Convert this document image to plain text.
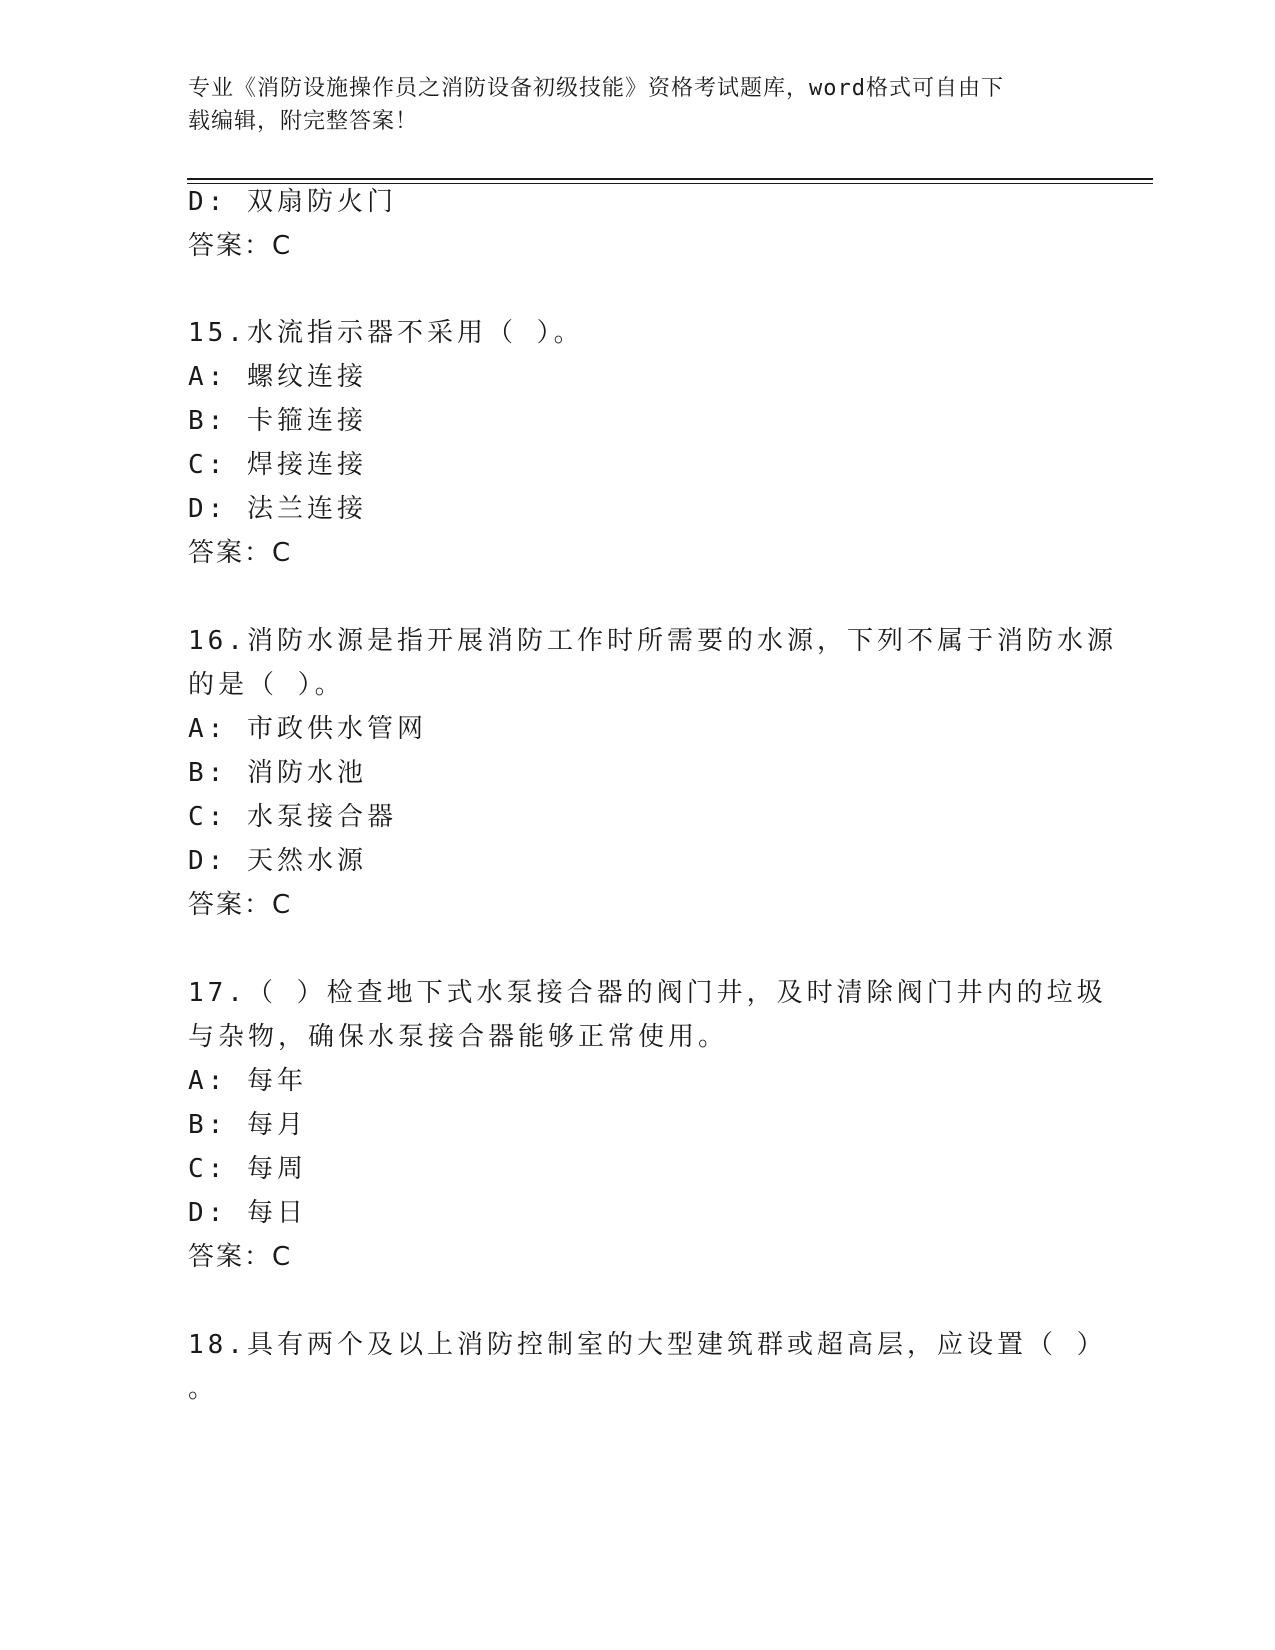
专业《消防设施操作员之消防设备初级技能》资格考试题库，word格式可自由下
载编辑，附完整答案！
D: 双扇防火门
答案：C
15.水流指示器不采用（ ）。
A: 螺纹连接
B: 卡箍连接
C: 焊接连接
D: 法兰连接
答案：C
16.消防水源是指开展消防工作时所需要的水源，下列不属于消防水源
的是（ ）。
A: 市政供水管网
B: 消防水池
C: 水泵接合器
D: 天然水源
答案：C
17.（ ）检查地下式水泵接合器的阀门井，及时清除阀门井内的垃圾
与杂物，确保水泵接合器能够正常使用。
A: 每年
B: 每月
C: 每周
D: 每日
答案：C
18.具有两个及以上消防控制室的大型建筑群或超高层，应设置（ ）
。
